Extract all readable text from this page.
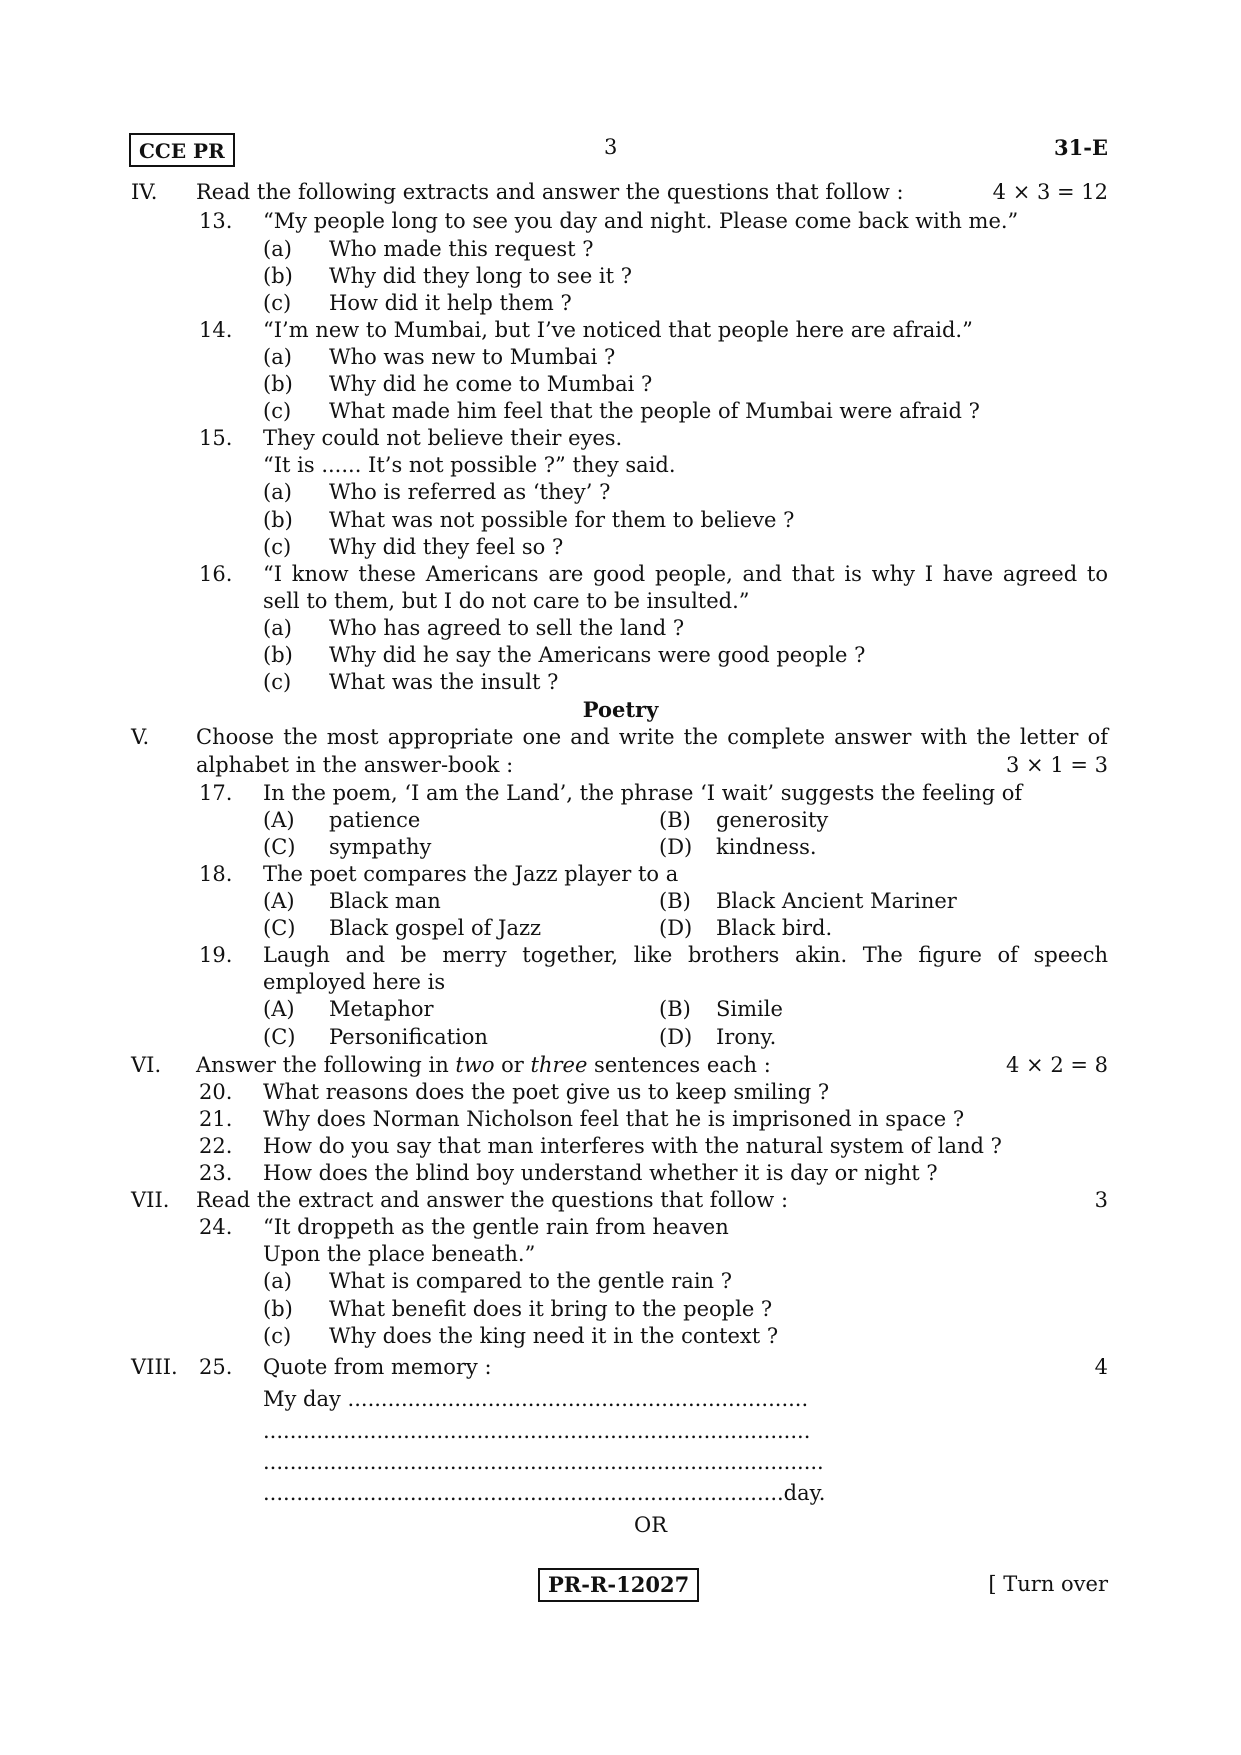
CCE PR	3	31-E
IV. Read the following extracts and answer the questions that follow :	4 × 3 = 12
13. “My people long to see you day and night. Please come back with me.”
(a) Who made this request ?
(b) Why did they long to see it ?
(c) How did it help them ?
14. “I’m new to Mumbai, but I’ve noticed that people here are afraid.”
(a) Who was new to Mumbai ?
(b) Why did he come to Mumbai ?
(c) What made him feel that the people of Mumbai were afraid ?
15. They could not believe their eyes.
“It is ...... It’s not possible ?” they said.
(a) Who is referred as ‘they’ ?
(b) What was not possible for them to believe ?
(c) Why did they feel so ?
16. “I know these Americans are good people, and that is why I have agreed to
sell to them, but I do not care to be insulted.”
(a) Who has agreed to sell the land ?
(b) Why did he say the Americans were good people ?
(c) What was the insult ?
Poetry
V. Choose the most appropriate one and write the complete answer with the letter of
alphabet in the answer-book :	3 × 1 = 3
17. In the poem, ‘I am the Land’, the phrase ‘I wait’ suggests the feeling of
(A) patience	(B) generosity
(C) sympathy	(D) kindness.
18. The poet compares the Jazz player to a
(A) Black man	(B) Black Ancient Mariner
(C) Black gospel of Jazz	(D) Black bird.
19. Laugh and be merry together, like brothers akin. The figure of speech
employed here is
(A) Metaphor	(B) Simile
(C) Personification	(D) Irony.
VI. Answer the following in two or three sentences each :	4 × 2 = 8
20. What reasons does the poet give us to keep smiling ?
21. Why does Norman Nicholson feel that he is imprisoned in space ?
22. How do you say that man interferes with the natural system of land ?
23. How does the blind boy understand whether it is day or night ?
VII. Read the extract and answer the questions that follow :	3
24. “It droppeth as the gentle rain from heaven
Upon the place beneath.”
(a) What is compared to the gentle rain ?
(b) What benefit does it bring to the people ?
(c) Why does the king need it in the context ?
VIII. 25. Quote from memory :	4
My day .....................................................................
..................................................................................
....................................................................................
..............................................................................day.
OR
PR-R-12027	[ Turn over
